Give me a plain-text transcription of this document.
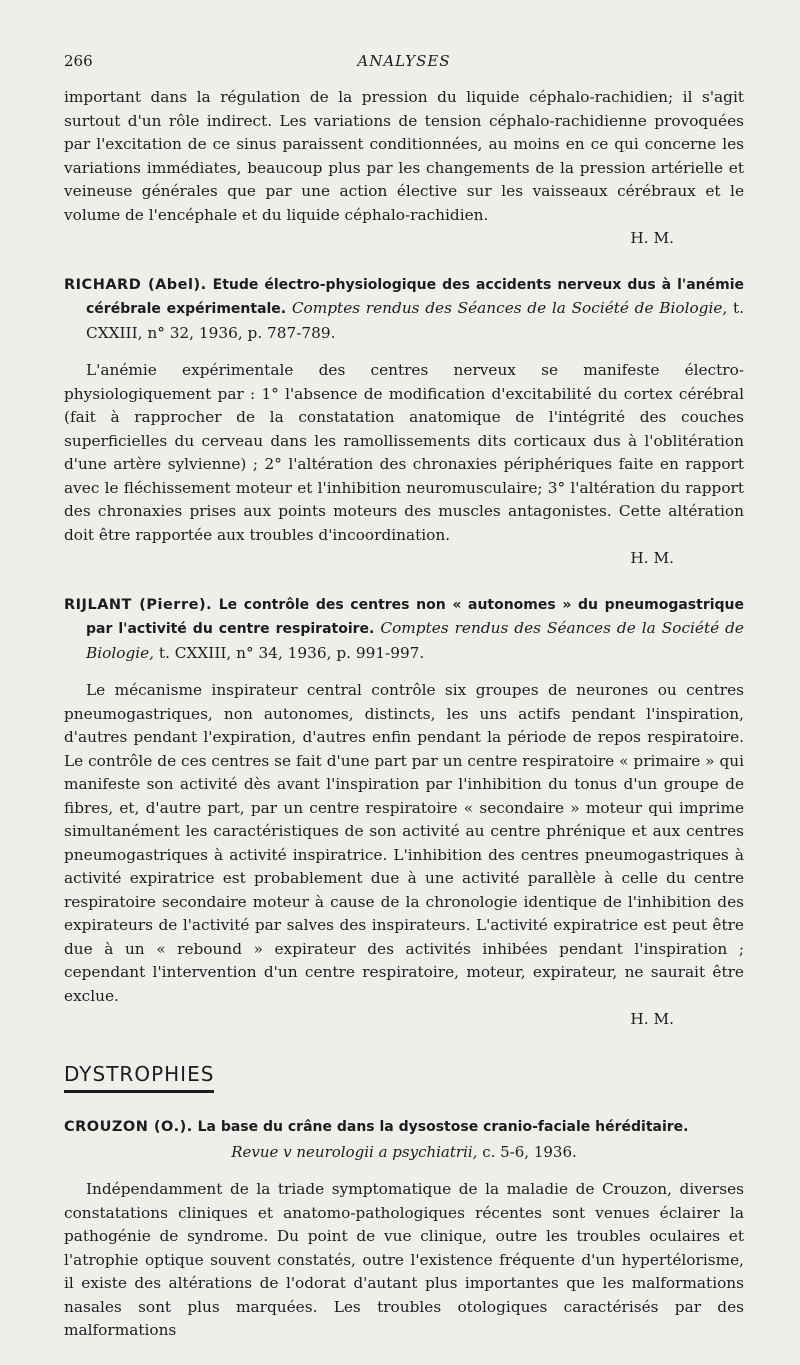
266	ANALYSES

important dans la régulation de la pression du liquide céphalo-rachidien; il s'agit surtout d'un rôle indirect. Les variations de tension céphalo-rachidienne provoquées par l'excitation de ce sinus paraissent conditionnées, au moins en ce qui concerne les variations immédiates, beaucoup plus par les changements de la pression artérielle et veineuse générales que par une action élective sur les vaisseaux cérébraux et le volume de l'encéphale et du liquide céphalo-rachidien.

H. M.

RICHARD (Abel). Etude électro-physiologique des accidents nerveux dus à l'anémie cérébrale expérimentale. Comptes rendus des Séances de la Société de Biologie, t. CXXIII, n° 32, 1936, p. 787-789.

L'anémie expérimentale des centres nerveux se manifeste électro-physiologiquement par : 1° l'absence de modification d'excitabilité du cortex cérébral (fait à rapprocher de la constatation anatomique de l'intégrité des couches superficielles du cerveau dans les ramollissements dits corticaux dus à l'oblitération d'une artère sylvienne) ; 2° l'altération des chronaxies périphériques faite en rapport avec le fléchissement moteur et l'inhibition neuromusculaire; 3° l'altération du rapport des chronaxies prises aux points moteurs des muscles antagonistes. Cette altération doit être rapportée aux troubles d'incoordination.

H. M.

RIJLANT (Pierre). Le contrôle des centres non « autonomes » du pneumogastrique par l'activité du centre respiratoire. Comptes rendus des Séances de la Société de Biologie, t. CXXIII, n° 34, 1936, p. 991-997.

Le mécanisme inspirateur central contrôle six groupes de neurones ou centres pneumogastriques, non autonomes, distincts, les uns actifs pendant l'inspiration, d'autres pendant l'expiration, d'autres enfin pendant la période de repos respiratoire. Le contrôle de ces centres se fait d'une part par un centre respiratoire « primaire » qui manifeste son activité dès avant l'inspiration par l'inhibition du tonus d'un groupe de fibres, et, d'autre part, par un centre respiratoire « secondaire » moteur qui imprime simultanément les caractéristiques de son activité au centre phrénique et aux centres pneumogastriques à activité inspiratrice. L'inhibition des centres pneumogastriques à activité expiratrice est probablement due à une activité parallèle à celle du centre respiratoire secondaire moteur à cause de la chronologie identique de l'inhibition des expirateurs de l'activité par salves des inspirateurs. L'activité expiratrice est peut être due à un « rebound » expirateur des activités inhibées pendant l'inspiration ; cependant l'intervention d'un centre respiratoire, moteur, expirateur, ne saurait être exclue.

H. M.

DYSTROPHIES

CROUZON (O.). La base du crâne dans la dysostose cranio-faciale héréditaire.

Revue v neurologii a psychiatrii, c. 5-6, 1936.

Indépendamment de la triade symptomatique de la maladie de Crouzon, diverses constatations cliniques et anatomo-pathologiques récentes sont venues éclairer la pathogénie de syndrome. Du point de vue clinique, outre les troubles oculaires et l'atrophie optique souvent constatés, outre l'existence fréquente d'un hypertélorisme, il existe des altérations de l'odorat d'autant plus importantes que les malformations nasales sont plus marquées. Les troubles otologiques caractérisés par des malformations
